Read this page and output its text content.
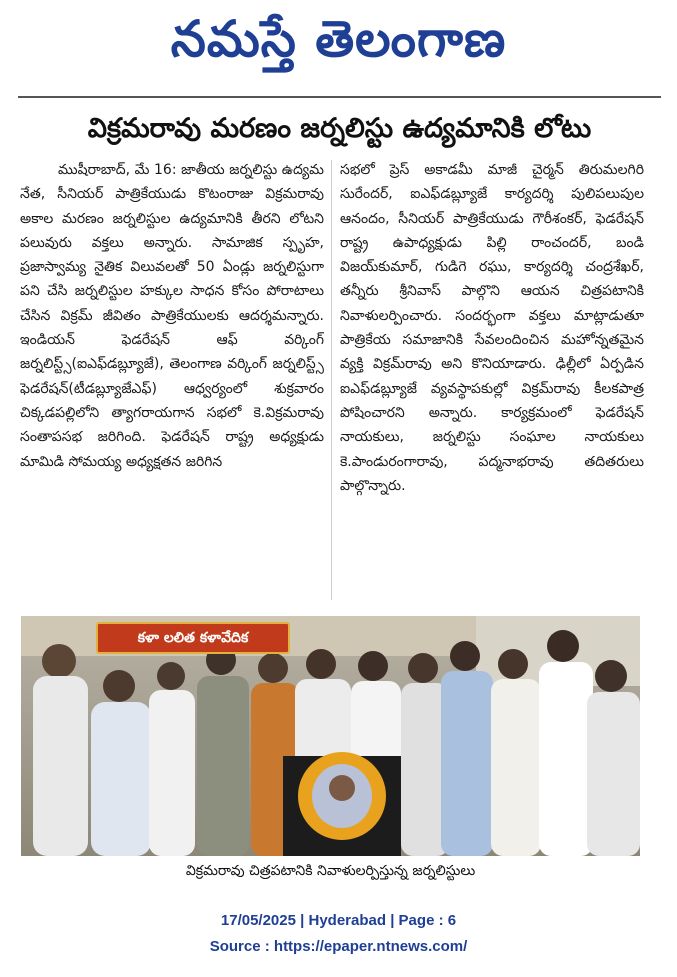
నమస్తే తెలంగాణ
విక్రమరావు మరణం జర్నలిస్టు ఉద్యమానికి లోటు
ముషీరాబాద్, మే 16: జాతీయ జర్నలిస్టు ఉద్యమ నేత, సీనియర్ పాత్రికేయుడు కొటంరాజు విక్రమరావు అకాల మరణం జర్నలిస్టుల ఉద్యమానికి తీరని లోటని పలువురు వక్తలు అన్నారు. సామాజిక స్పృహ, ప్రజాస్వామ్య నైతిక విలువలతో 50 ఏండ్లు జర్నలిస్టుగా పని చేసి జర్నలిస్టుల హక్కుల సాధన కోసం పోరాటాలు చేసిన విక్రమ్ జీవితం పాత్రికేయులకు ఆదర్శమన్నారు. ఇండియన్ ఫెడరేషన్ ఆఫ్ వర్కింగ్ జర్నలిస్ట్స్(ఐఎఫ్‌డబ్ల్యూజే), తెలంగాణ వర్కింగ్ జర్నలిస్ట్స్ ఫెడరేషన్(టీడబ్ల్యూజేఎఫ్) ఆధ్వర్యంలో శుక్రవారం చిక్కడపల్లిలోని త్యాగరాయగాన సభలో కె.విక్రమరావు సంతాపసభ జరిగింది. ఫెడరేషన్ రాష్ట్ర అధ్యక్షుడు మామిడి సోమయ్య అధ్యక్షతన జరిగిన
సభలో ప్రెస్ అకాడమీ మాజీ చైర్మన్ తిరుమలగిరి సురేందర్, ఐఎఫ్‌డబ్ల్యూజే కార్యదర్శి పులిపలుపుల ఆనందం, సీనియర్ పాత్రికేయుడు గౌరీశంకర్, ఫెడరేషన్ రాష్ట్ర ఉపాధ్యక్షుడు పిల్లి రాంచందర్, బండి విజయ్‌కుమార్, గుడిగె రఘు, కార్యదర్శి చంద్రశేఖర్, తన్నీరు శ్రీనివాస్ పాల్గొని ఆయన చిత్రపటానికి నివాళులర్పించారు. సందర్భంగా వక్తలు మాట్లాడుతూ పాత్రికేయ సమాజానికి సేవలందించిన మహోన్నతమైన వ్యక్తి విక్రమ్‌రావు అని కొనియాడారు. ఢిల్లీలో ఏర్పడిన ఐఎఫ్‌డబ్ల్యూజే వ్యవస్థాపకుల్లో విక్రమ్‌రావు కీలకపాత్ర పోషించారని అన్నారు. కార్యక్రమంలో ఫెడరేషన్ నాయకులు, జర్నలిస్టు సంఘాల నాయకులు కె.పాండురంగారావు, పద్మనాభరావు తదితరులు పాల్గొన్నారు.
కళా లలిత కళావేదిక
విక్రమరావు చిత్రపటానికి నివాళులర్పిస్తున్న జర్నలిస్టులు
17/05/2025 | Hyderabad | Page : 6
Source : https://epaper.ntnews.com/
